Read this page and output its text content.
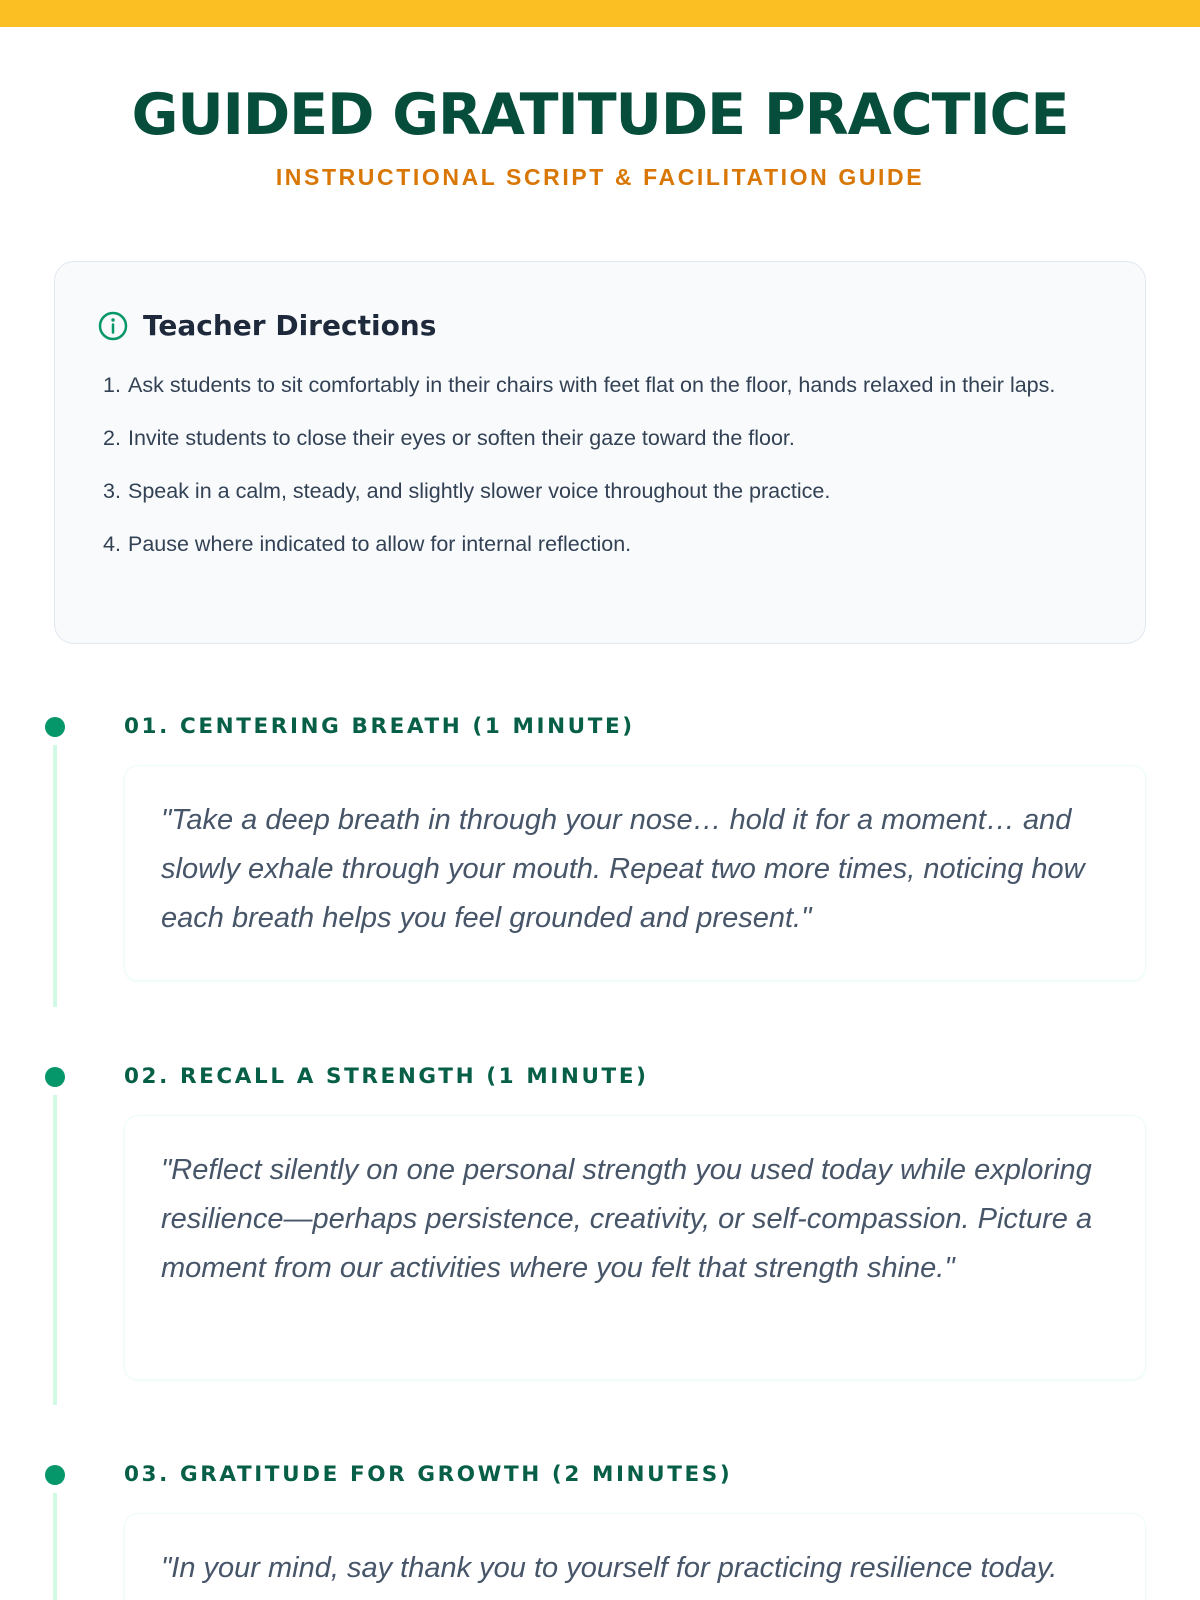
GUIDED GRATITUDE PRACTICE
INSTRUCTIONAL SCRIPT & FACILITATION GUIDE
Teacher Directions
1. Ask students to sit comfortably in their chairs with feet flat on the floor, hands relaxed in their laps.
2. Invite students to close their eyes or soften their gaze toward the floor.
3. Speak in a calm, steady, and slightly slower voice throughout the practice.
4. Pause where indicated to allow for internal reflection.
01. CENTERING BREATH (1 MINUTE)

"Take a deep breath in through your nose… hold it for a moment… and slowly exhale through your mouth. Repeat two more times, noticing how each breath helps you feel grounded and present."

02. RECALL A STRENGTH (1 MINUTE)

"Reflect silently on one personal strength you used today while exploring resilience—perhaps persistence, creativity, or self-compassion. Picture a moment from our activities where you felt that strength shine."

03. GRATITUDE FOR GROWTH (2 MINUTES)

"In your mind, say thank you to yourself for practicing resilience today.
